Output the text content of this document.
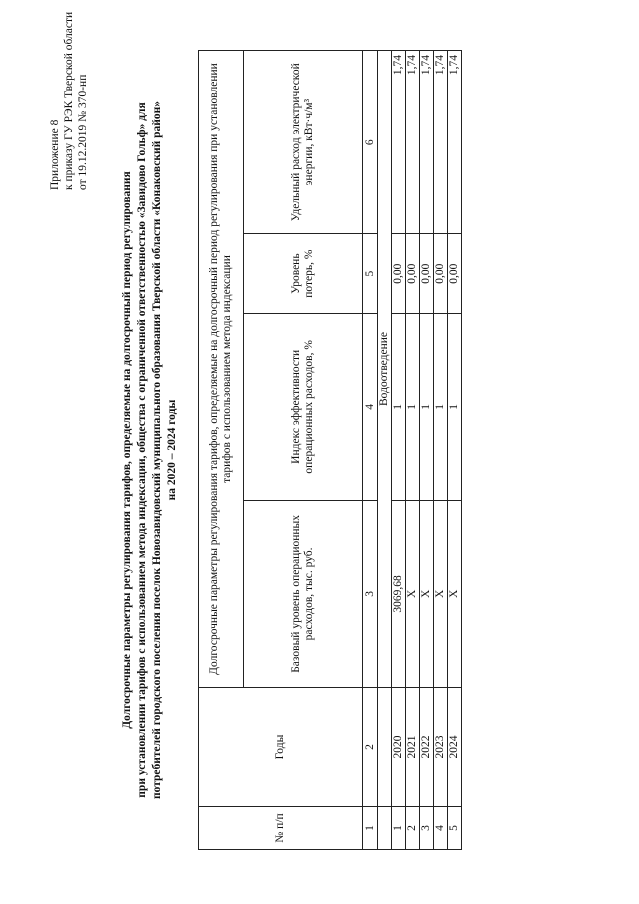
Приложение 8 к приказу ГУ РЭК Тверской области от 19.12.2019 № 370-нп
Долгосрочные параметры регулирования тарифов, определяемые на долгосрочный период регулирования при установлении тарифов с использованием метода индексации, общества с ограниченной ответственностью «Завидово Гольф» для потребителей городского поселения поселок Новозавидовский муниципального образования Тверской области «Конаковский район» на 2020 – 2024 годы
№ п/п	Годы	Долгосрочные параметры регулирования тарифов, определяемые на долгосрочный период регулирования при установлении тарифов с использованием метода индексации			
		Базовый уровень операционных расходов, тыс. руб.	Индекс эффективности операционных расходов, %	Уровень потерь, %	Удельный расход электрической энергии, кВт·ч/м³
1	2	3	4	5	6
		Водоотведение			
1	2020	3069,68	1	0,00	1,74
2	2021	Х	1	0,00	1,74
3	2022	Х	1	0,00	1,74
4	2023	Х	1	0,00	1,74
5	2024	Х	1	0,00	1,74
